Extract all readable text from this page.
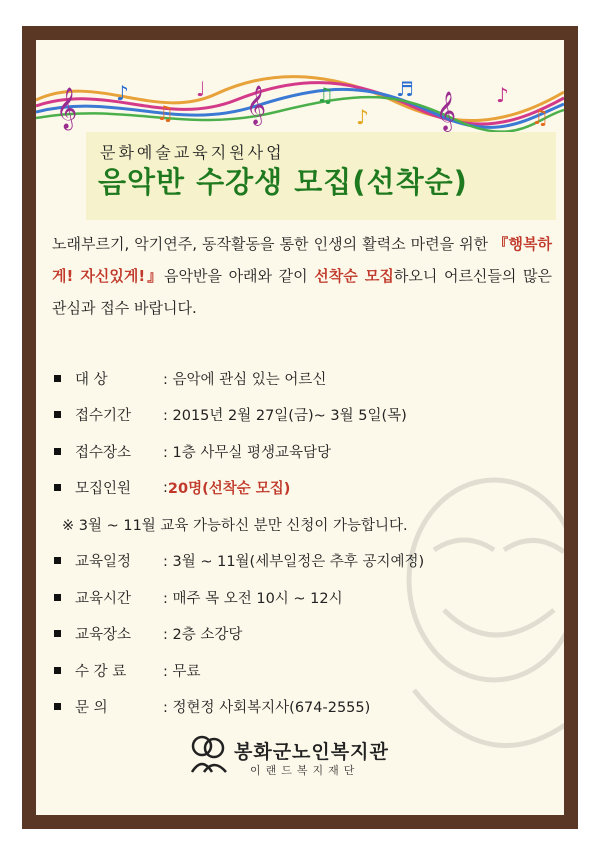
𝄞	𝄞	𝄞
♪
♫
♩	♫
♪
♬	♪
♫
문화예술교육지원사업
음악반 수강생 모집(선착순)
노래부르기, 악기연주, 동작활동을 통한 인생의 활력소 마련을 위한 『행복하게! 자신있게!』음악반을 아래와 같이 선착순 모집하오니 어르신들의 많은 관심과 접수 바랍니다.
대 상	: 음악에 관심 있는 어르신
접수기간	: 2015년 2월 27일(금)~ 3월 5일(목)
접수장소	: 1층 사무실 평생교육담당
모집인원	: 20명(선착순 모집)
※ 3월 ~ 11월 교육 가능하신 분만 신청이 가능합니다.
교육일정	: 3월 ~ 11월(세부일정은 추후 공지예정)
교육시간	: 매주 목 오전 10시 ~ 12시
교육장소	: 2층 소강당
수 강 료	: 무료
문 의	: 정현정 사회복지사(674-2555)
봉화군노인복지관
이랜드복지재단
